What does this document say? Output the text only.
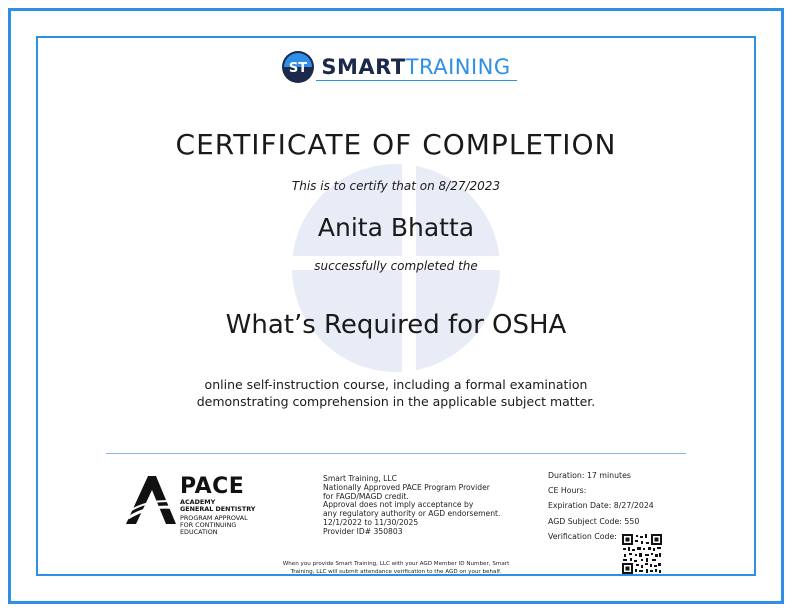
ST SMARTTRAINING
CERTIFICATE OF COMPLETION
This is to certify that on 8/27/2023
Anita Bhatta
successfully completed the
What’s Required for OSHA
online self-instruction course, including a formal examination
demonstrating comprehension in the applicable subject matter.
PACE
ACADEMY
GENERAL DENTISTRY
PROGRAM APPROVAL
FOR CONTINUING
EDUCATION
Smart Training, LLC
Nationally Approved PACE Program Provider
for FAGD/MAGD credit.
Approval does not imply acceptance by
any regulatory authority or AGD endorsement.
12/1/2022 to 11/30/2025
Provider ID# 350803
Duration: 17 minutes
CE Hours:
Expiration Date: 8/27/2024
AGD Subject Code: 550
Verification Code:
When you provide Smart Training, LLC with your AGD Member ID Number, Smart
Training, LLC will submit attendance verification to the AGD on your behalf.
